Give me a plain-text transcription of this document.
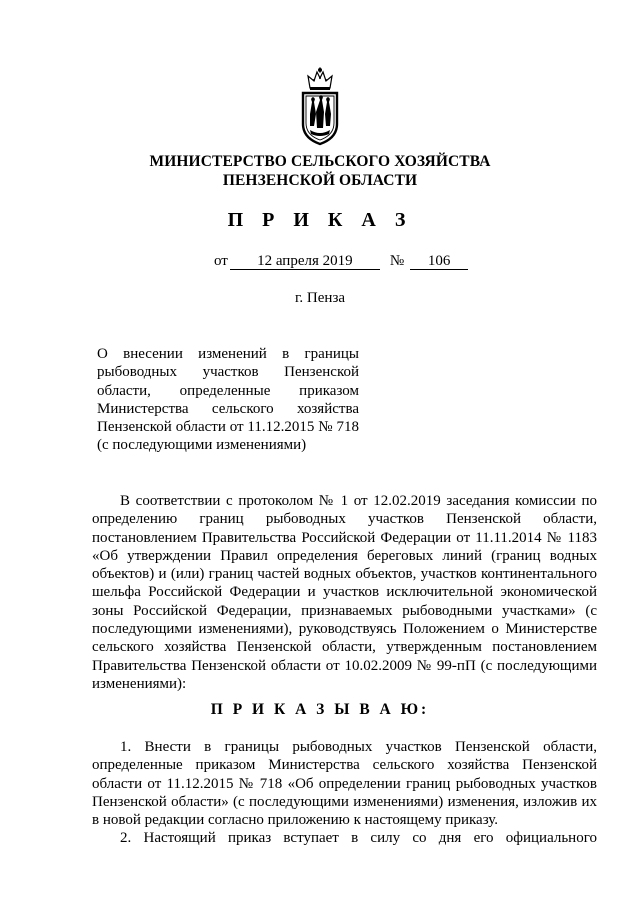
МИНИСТЕРСТВО СЕЛЬСКОГО ХОЗЯЙСТВА
ПЕНЗЕНСКОЙ ОБЛАСТИ
П Р И К А З
от 12 апреля 2019 № 106
г. Пенза
О внесении изменений в границы рыбоводных участков Пензенской области, определенные приказом Министерства сельского хозяйства Пензенской области от 11.12.2015 № 718 (с последующими изменениями)
В соответствии с протоколом № 1 от 12.02.2019 заседания комиссии по определению границ рыбоводных участков Пензенской области, постановлением Правительства Российской Федерации от 11.11.2014 № 1183 «Об утверждении Правил определения береговых линий (границ водных объектов) и (или) границ частей водных объектов, участков континентального шельфа Российской Федерации и участков исключительной экономической зоны Российской Федерации, признаваемых рыбоводными участками» (с последующими изменениями), руководствуясь Положением о Министерстве сельского хозяйства Пензенской области, утвержденным постановлением Правительства Пензенской области от 10.02.2009 № 99-пП (с последующими изменениями):
П Р И К А З Ы В А Ю:
1. Внести в границы рыбоводных участков Пензенской области, определенные приказом Министерства сельского хозяйства Пензенской области от 11.12.2015 № 718 «Об определении границ рыбоводных участков Пензенской области» (с последующими изменениями) изменения, изложив их в новой редакции согласно приложению к настоящему приказу.
2. Настоящий приказ вступает в силу со дня его официального
